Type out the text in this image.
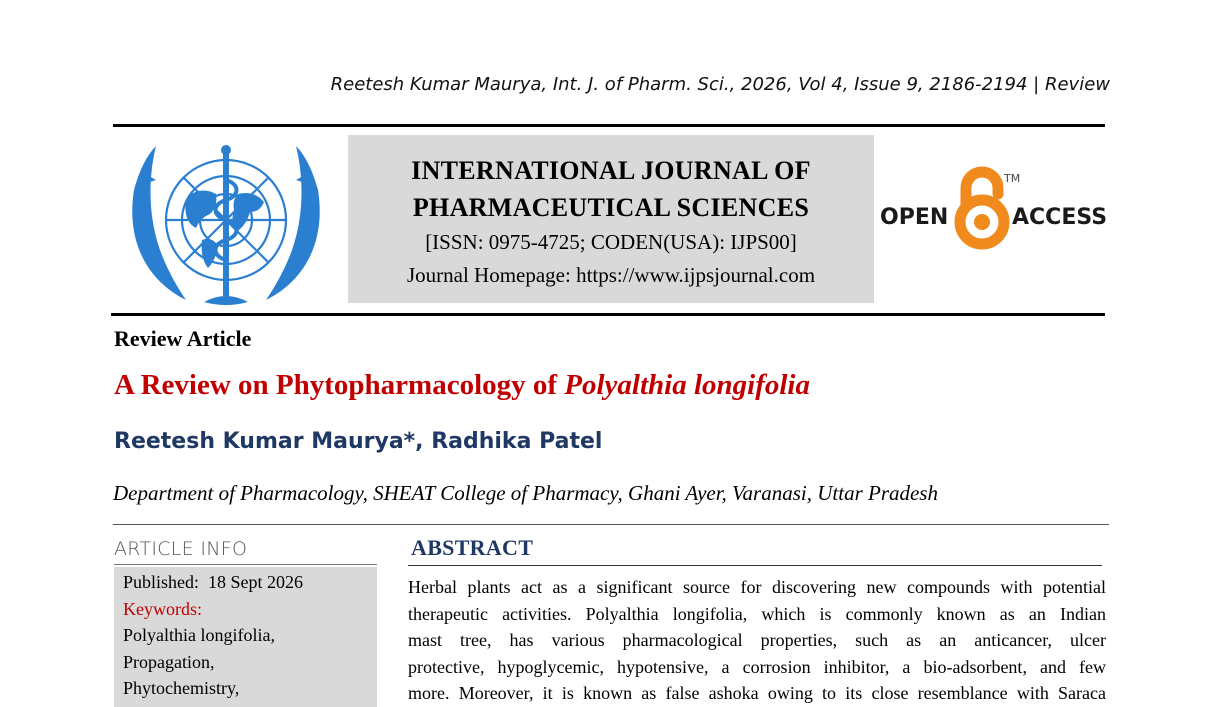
Reetesh Kumar Maurya, Int. J. of Pharm. Sci., 2026, Vol 4, Issue 9, 2186-2194 | Review
INTERNATIONAL JOURNAL OF
PHARMACEUTICAL SCIENCES
[ISSN: 0975-4725; CODEN(USA): IJPS00]
Journal Homepage: https://www.ijpsjournal.com
TM
OPEN	ACCESS
Review Article
A Review on Phytopharmacology of Polyalthia longifolia
Reetesh Kumar Maurya*, Radhika Patel
Department of Pharmacology, SHEAT College of Pharmacy, Ghani Ayer, Varanasi, Uttar Pradesh
ARTICLE INFO
Published: 18 Sept 2026
Keywords:
Polyalthia longifolia,
Propagation,
Phytochemistry,
ABSTRACT

Herbal plants act as a significant source for discovering new compounds with potential

therapeutic activities. Polyalthia longifolia, which is commonly known as an Indian

mast tree, has various pharmacological properties, such as an anticancer, ulcer

protective, hypoglycemic, hypotensive, a corrosion inhibitor, a bio-adsorbent, and few

more. Moreover, it is known as false ashoka owing to its close resemblance with Saraca
